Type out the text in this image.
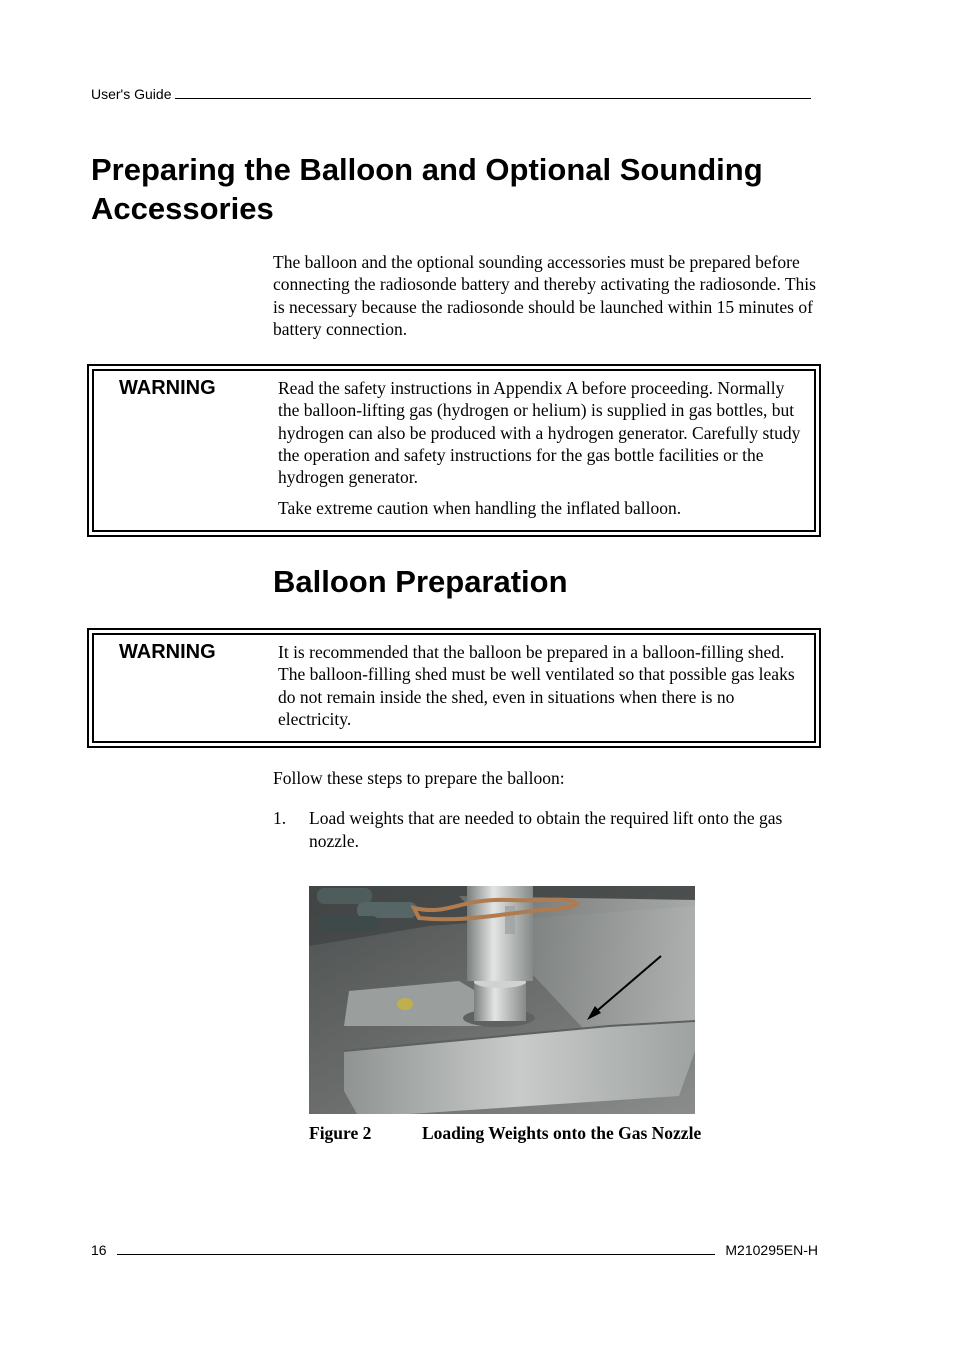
User's Guide
Preparing the Balloon and Optional Sounding Accessories

The balloon and the optional sounding accessories must be prepared before connecting the radiosonde battery and thereby activating the radiosonde. This is necessary because the radiosonde should be launched within 15 minutes of battery connection.

WARNING	Read the safety instructions in Appendix A before proceeding. Normally the balloon-lifting gas (hydrogen or helium) is supplied in gas bottles, but hydrogen can also be produced with a hydrogen generator. Carefully study the operation and safety instructions for the gas bottle facilities or the hydrogen generator.

Take extreme caution when handling the inflated balloon.

Balloon Preparation
WARNING	It is recommended that the balloon be prepared in a balloon-filling shed. The balloon-filling shed must be well ventilated so that possible gas leaks do not remain inside the shed, even in situations when there is no electricity.

Follow these steps to prepare the balloon:

1.	Load weights that are needed to obtain the required lift onto the gas nozzle.
Figure 2	Loading Weights onto the Gas Nozzle
16	M210295EN-H
